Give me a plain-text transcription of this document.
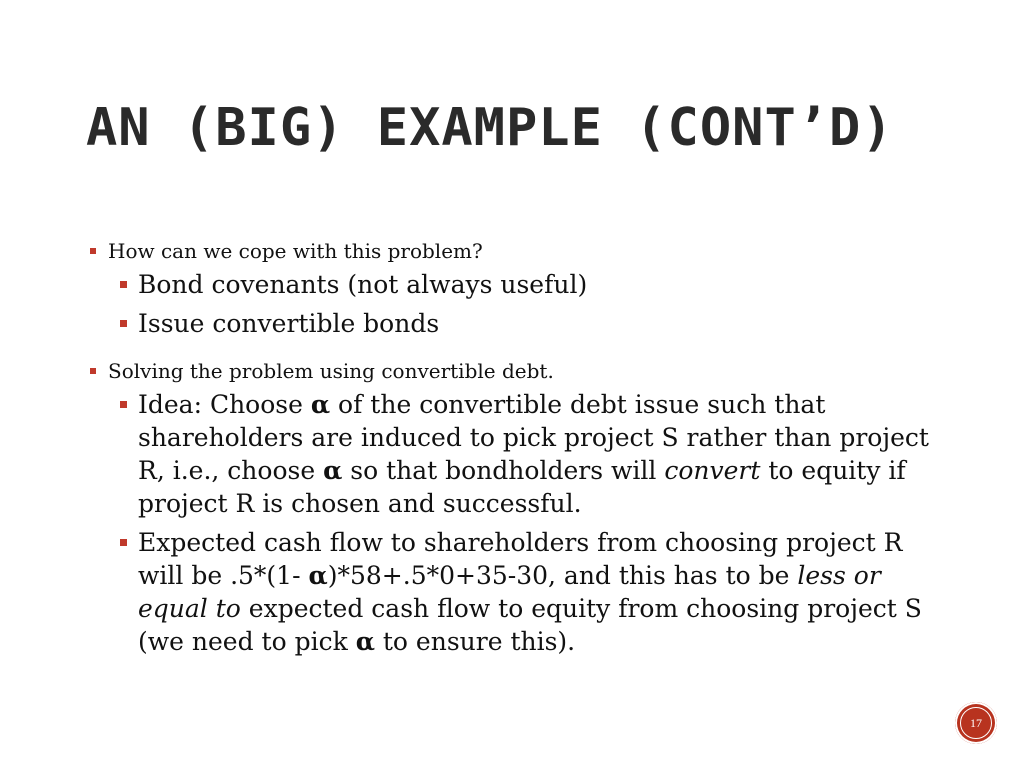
AN (BIG) EXAMPLE (CONT’D)

How can we cope with this problem?

Bond covenants (not always useful)
Issue convertible bonds

Solving the problem using convertible debt.

Idea: Choose α of the convertible debt issue such that shareholders are induced to pick project S rather than project R, i.e., choose α so that bondholders will convert to equity if project R is chosen and successful.
Expected cash flow to shareholders from choosing project R will be .5*(1- α)*58+.5*0+35-30, and this has to be less or equal to expected cash flow to equity from choosing project S (we need to pick α to ensure this).
17
